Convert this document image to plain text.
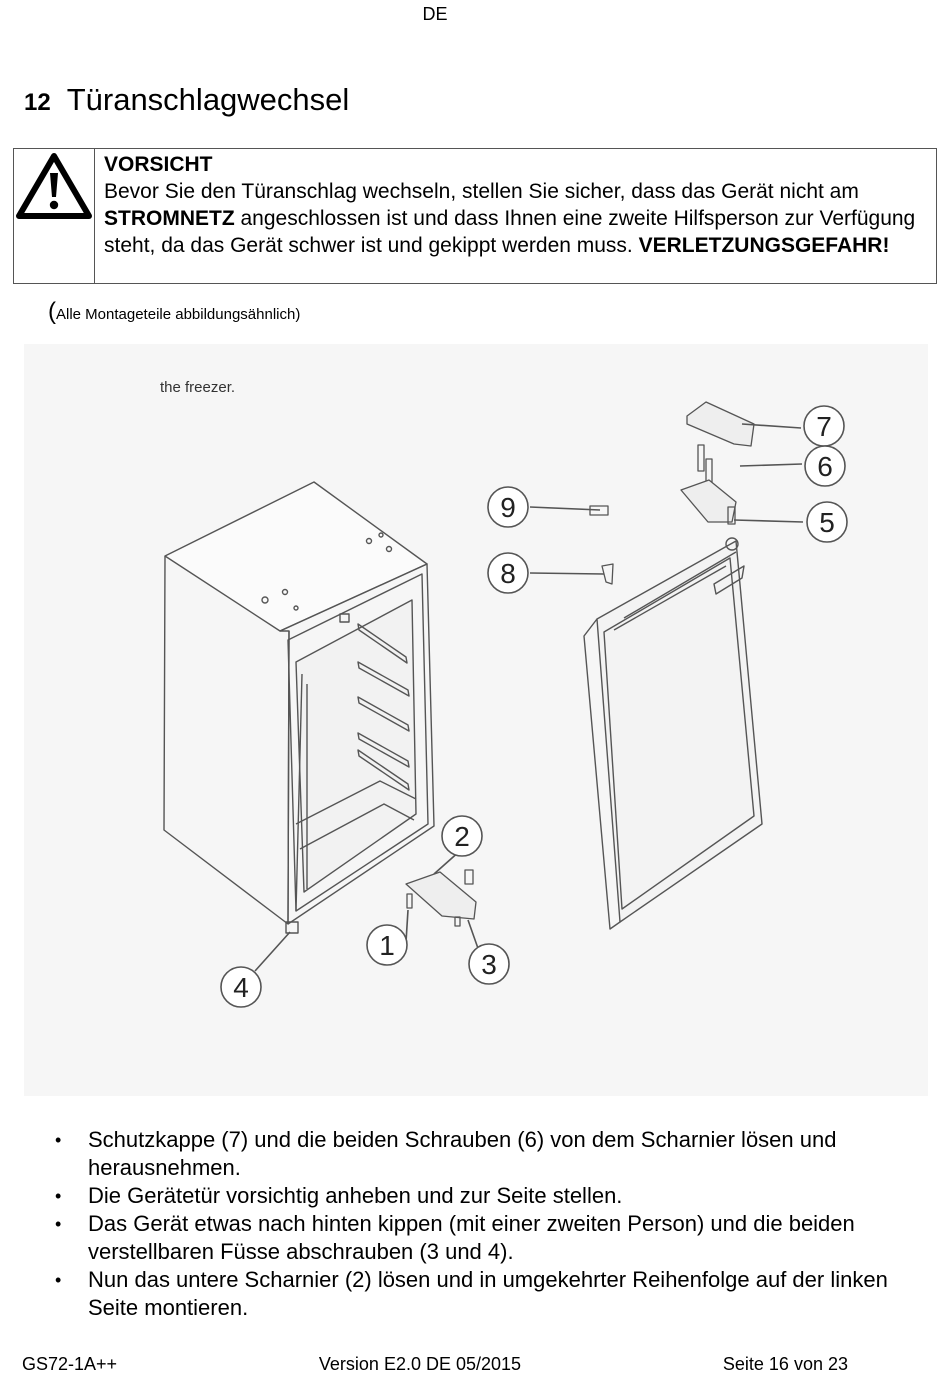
DE
12 Türanschlagwechsel
VORSICHT
Bevor Sie den Türanschlag wechseln, stellen Sie sicher, dass das Gerät nicht am STROMNETZ angeschlossen ist und dass Ihnen eine zweite Hilfsperson zur Verfügung steht, da das Gerät schwer ist und gekippt werden muss. VERLETZUNGSGEFAHR!
(Alle Montageteile abbildungsähnlich)
the freezer.
7
6
5
9
8
2
1
3
4
• Schutzkappe (7) und die beiden Schrauben (6) von dem Scharnier lösen und herausnehmen.
• Die Gerätetür vorsichtig anheben und zur Seite stellen.
• Das Gerät etwas nach hinten kippen (mit einer zweiten Person) und die beiden verstellbaren Füsse abschrauben (3 und 4).
• Nun das untere Scharnier (2) lösen und in umgekehrter Reihenfolge auf der linken Seite montieren.
GS72-1A++	Version E2.0 DE 05/2015	Seite 16 von 23
